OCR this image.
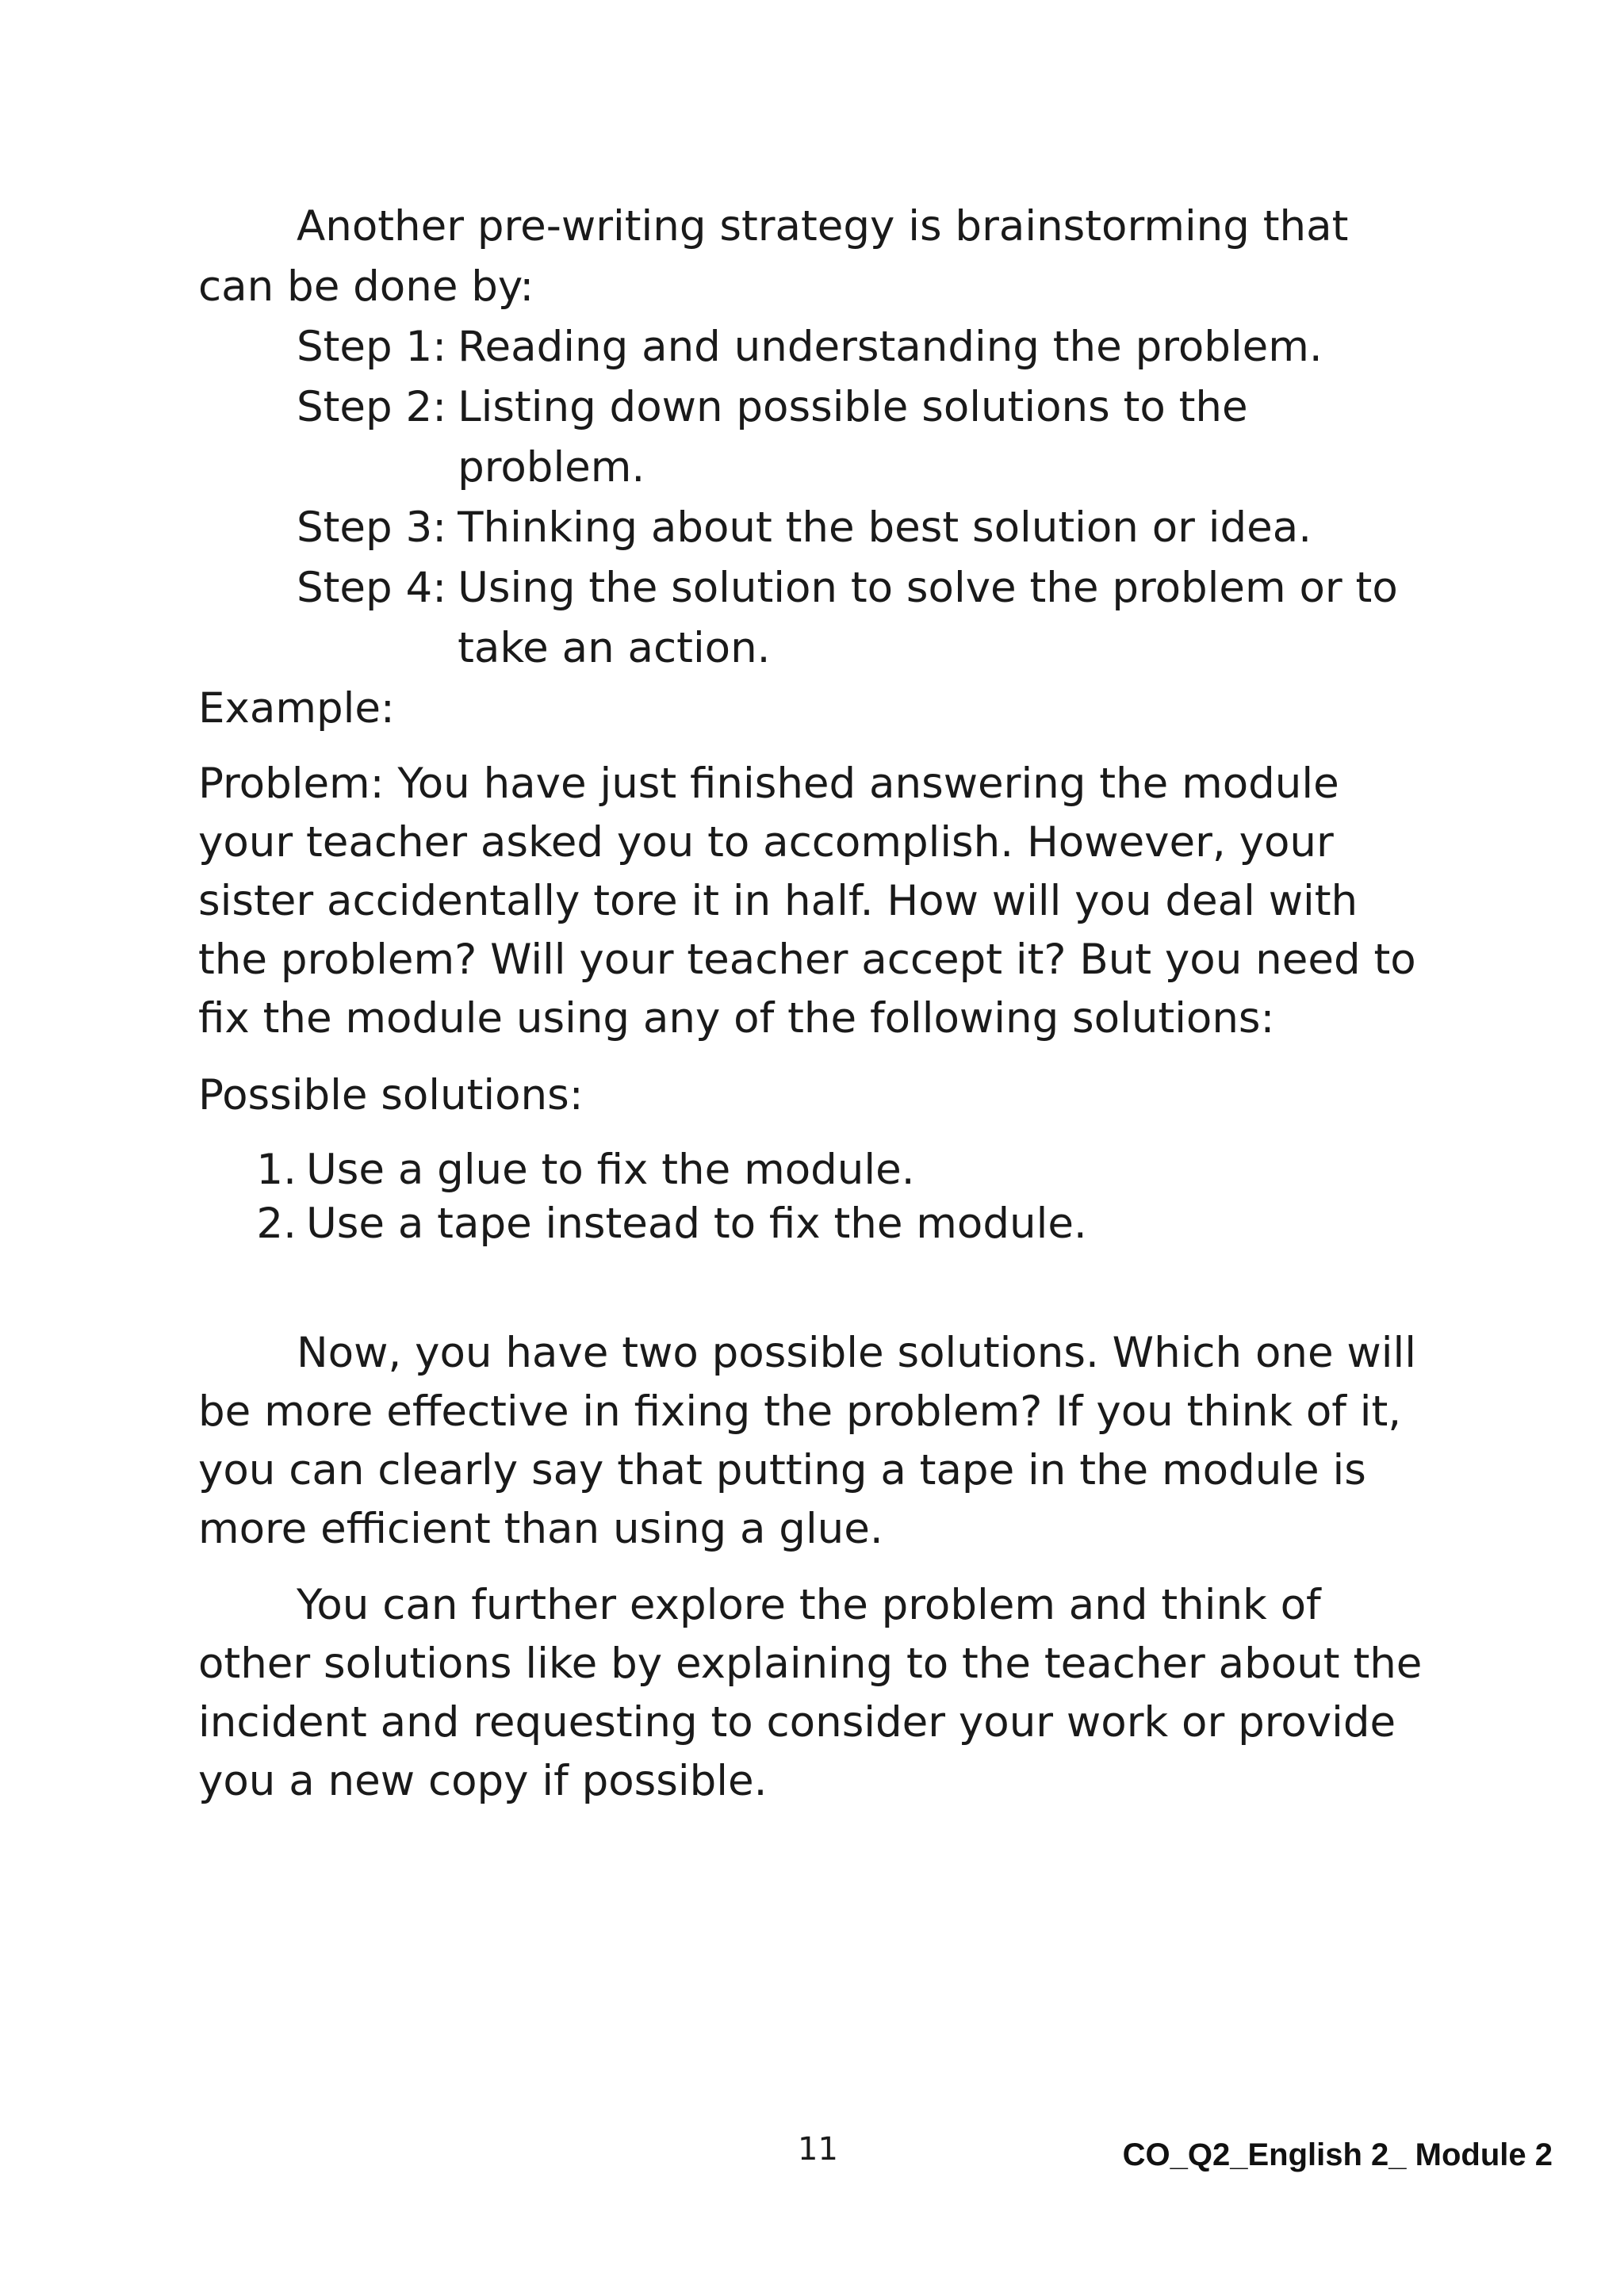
Another pre-writing strategy is brainstorming that can be done by:

Step 1: Reading and understanding the problem.
Step 2: Listing down possible solutions to the problem.
Step 3: Thinking about the best solution or idea.
Step 4: Using the solution to solve the problem or to take an action.

Example:

Problem: You have just finished answering the module your teacher asked you to accomplish. However, your sister accidentally tore it in half. How will you deal with the problem? Will your teacher accept it? But you need to fix the module using any of the following solutions:

Possible solutions:

1. Use a glue to fix the module.
2. Use a tape instead to fix the module.

Now, you have two possible solutions. Which one will be more effective in fixing the problem? If you think of it, you can clearly say that putting a tape in the module is more efficient than using a glue.

You can further explore the problem and think of other solutions like by explaining to the teacher about the incident and requesting to consider your work or provide you a new copy if possible.

11	CO_Q2_English 2_ Module 2
